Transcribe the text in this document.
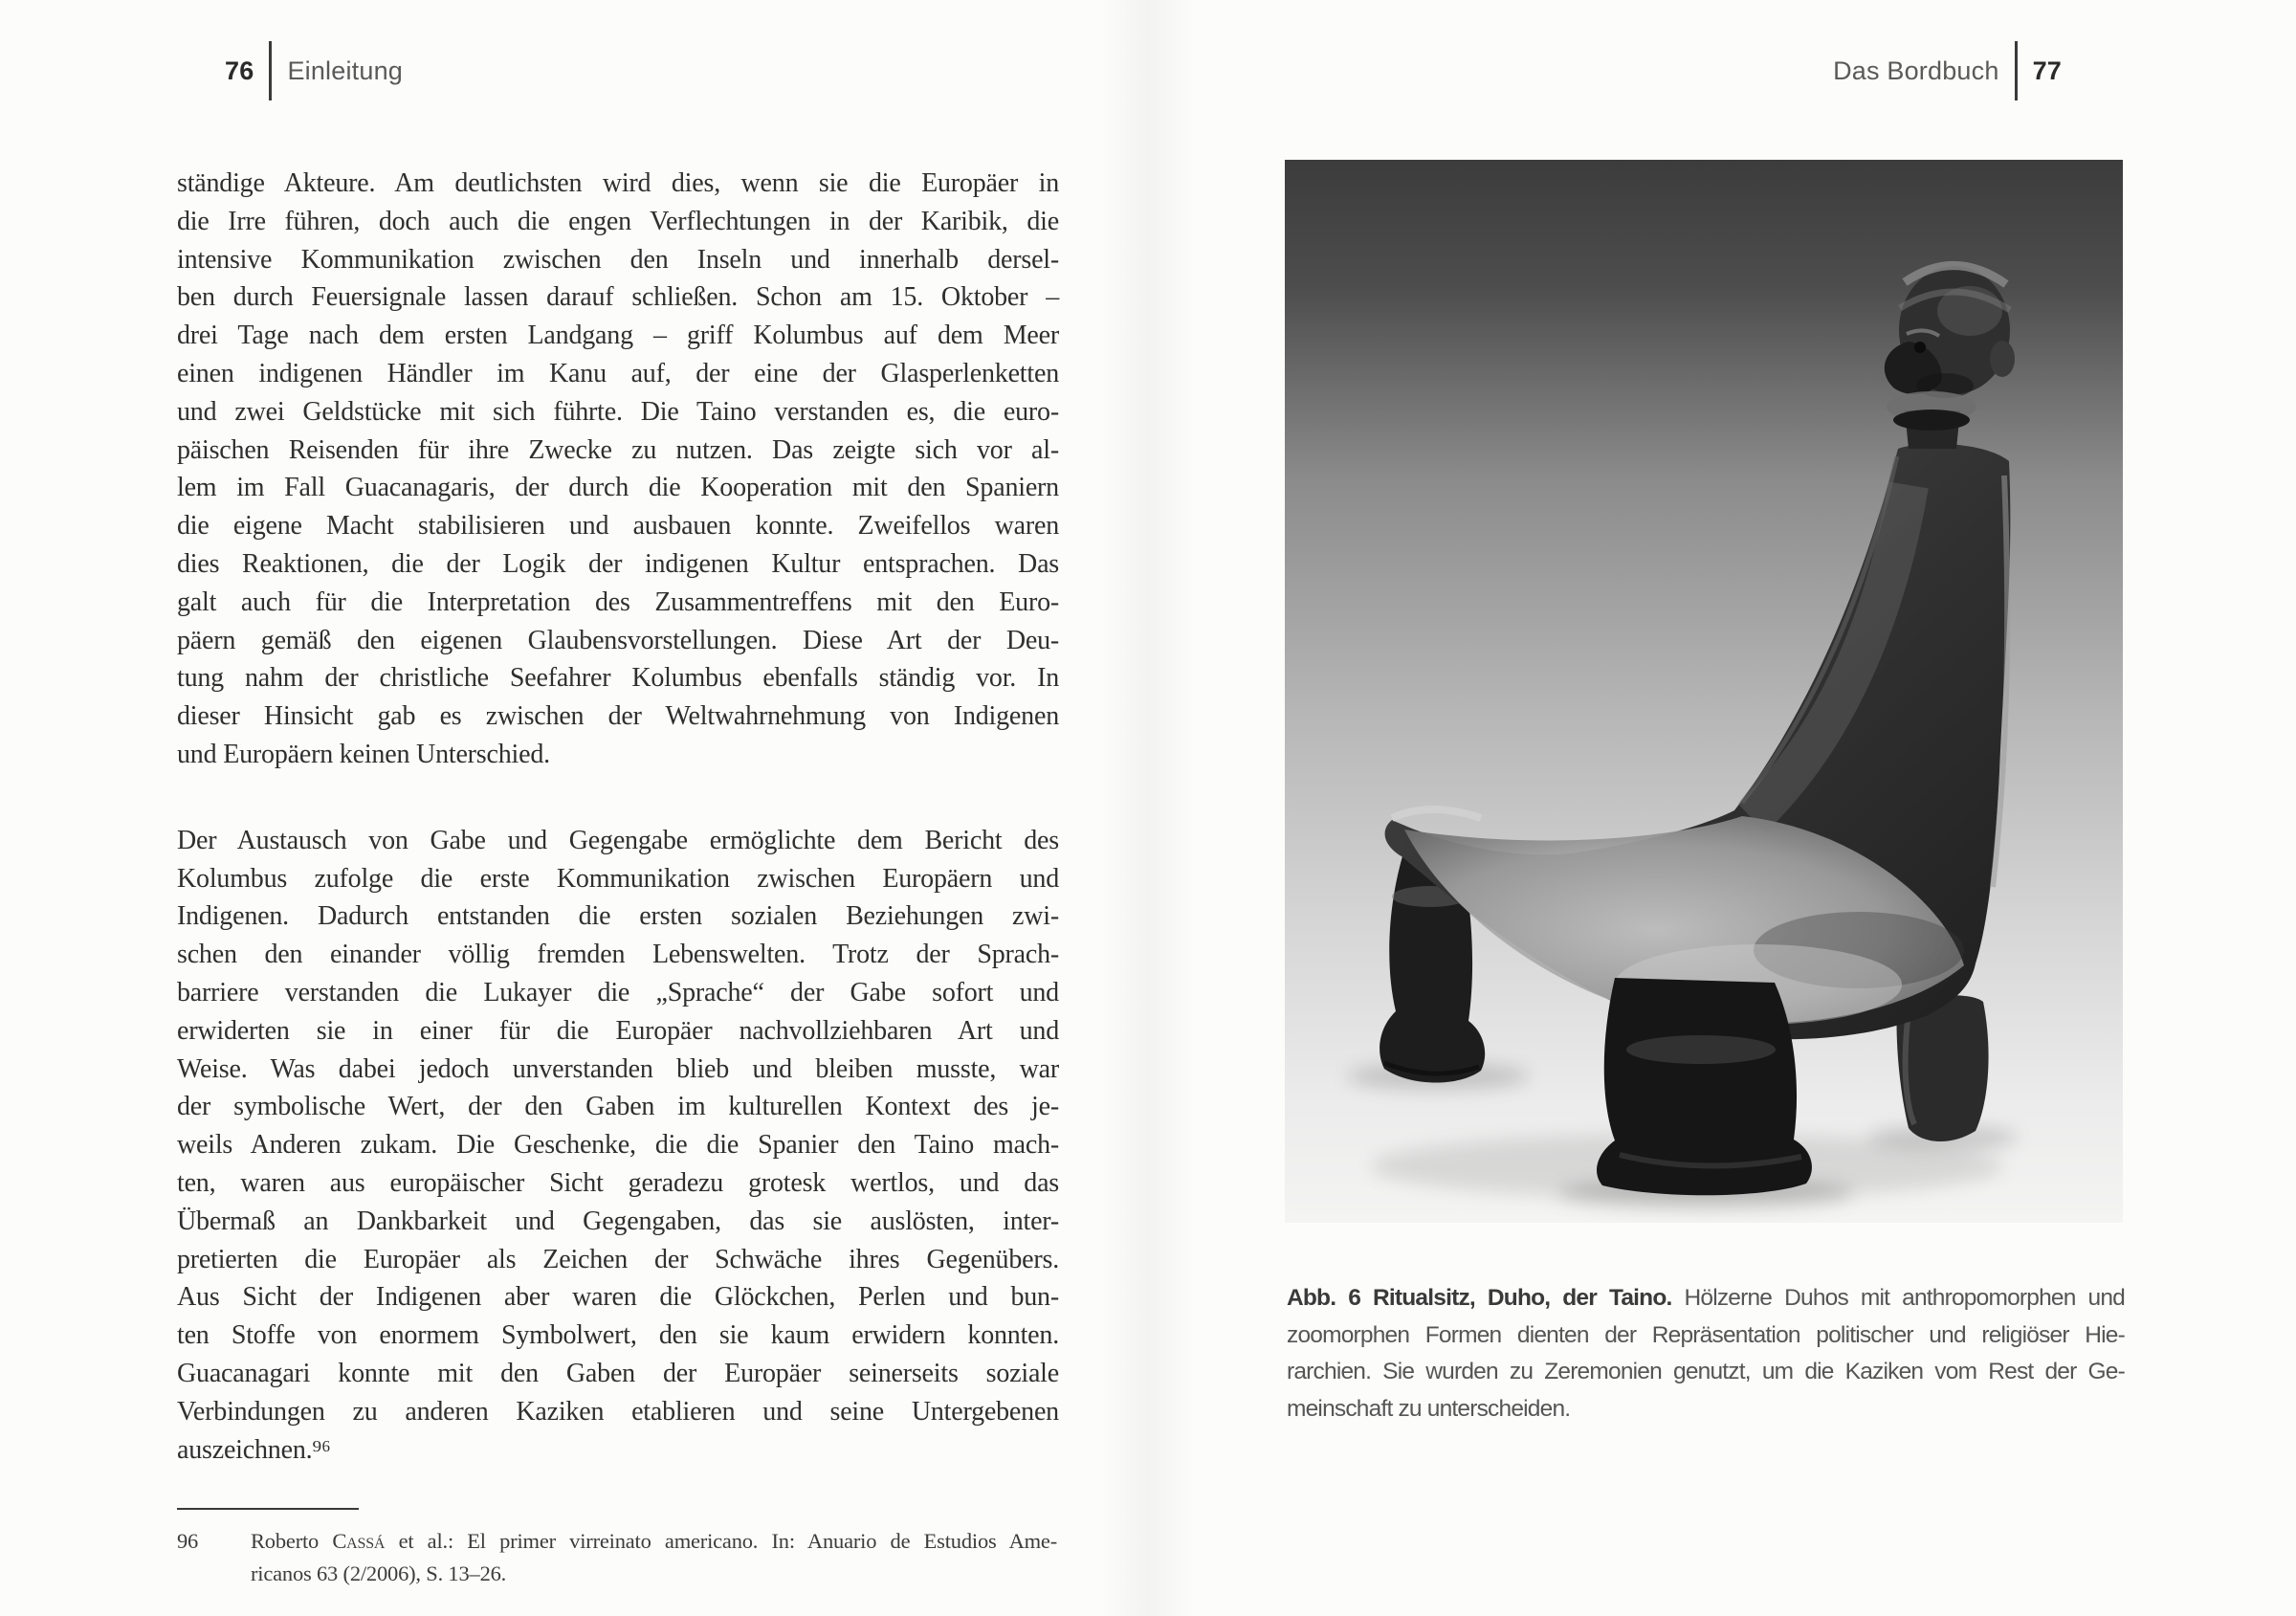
76 Einleitung
ständige Akteure. Am deutlichsten wird dies, wenn sie die Europäer in
die Irre führen, doch auch die engen Verflechtungen in der Karibik, die
intensive Kommunikation zwischen den Inseln und innerhalb dersel-
ben durch Feuersignale lassen darauf schließen. Schon am 15. Oktober –
drei Tage nach dem ersten Landgang – griff Kolumbus auf dem Meer
einen indigenen Händler im Kanu auf, der eine der Glasperlenketten
und zwei Geldstücke mit sich führte. Die Taino verstanden es, die euro-
päischen Reisenden für ihre Zwecke zu nutzen. Das zeigte sich vor al-
lem im Fall Guacanagaris, der durch die Kooperation mit den Spaniern
die eigene Macht stabilisieren und ausbauen konnte. Zweifellos waren
dies Reaktionen, die der Logik der indigenen Kultur entsprachen. Das
galt auch für die Interpretation des Zusammentreffens mit den Euro-
päern gemäß den eigenen Glaubensvorstellungen. Diese Art der Deu-
tung nahm der christliche Seefahrer Kolumbus ebenfalls ständig vor. In
dieser Hinsicht gab es zwischen der Weltwahrnehmung von Indigenen
und Europäern keinen Unterschied.
Der Austausch von Gabe und Gegengabe ermöglichte dem Bericht des
Kolumbus zufolge die erste Kommunikation zwischen Europäern und
Indigenen. Dadurch entstanden die ersten sozialen Beziehungen zwi-
schen den einander völlig fremden Lebenswelten. Trotz der Sprach-
barriere verstanden die Lukayer die „Sprache“ der Gabe sofort und
erwiderten sie in einer für die Europäer nachvollziehbaren Art und
Weise. Was dabei jedoch unverstanden blieb und bleiben musste, war
der symbolische Wert, der den Gaben im kulturellen Kontext des je-
weils Anderen zukam. Die Geschenke, die die Spanier den Taino mach-
ten, waren aus europäischer Sicht geradezu grotesk wertlos, und das
Übermaß an Dankbarkeit und Gegengaben, das sie auslösten, inter-
pretierten die Europäer als Zeichen der Schwäche ihres Gegenübers.
Aus Sicht der Indigenen aber waren die Glöckchen, Perlen und bun-
ten Stoffe von enormem Symbolwert, den sie kaum erwidern konnten.
Guacanagari konnte mit den Gaben der Europäer seinerseits soziale
Verbindungen zu anderen Kaziken etablieren und seine Untergebenen
auszeichnen.⁹⁶
96	Roberto Cassá et al.: El primer virreinato americano. In: Anuario de Estudios Ame-
ricanos 63 (2/2006), S. 13–26.
Das Bordbuch 77
Abb. 6 Ritualsitz, Duho, der Taino. Hölzerne Duhos mit anthropomorphen und
zoomorphen Formen dienten der Repräsentation politischer und religiöser Hie-
rarchien. Sie wurden zu Zeremonien genutzt, um die Kaziken vom Rest der Ge-
meinschaft zu unterscheiden.
